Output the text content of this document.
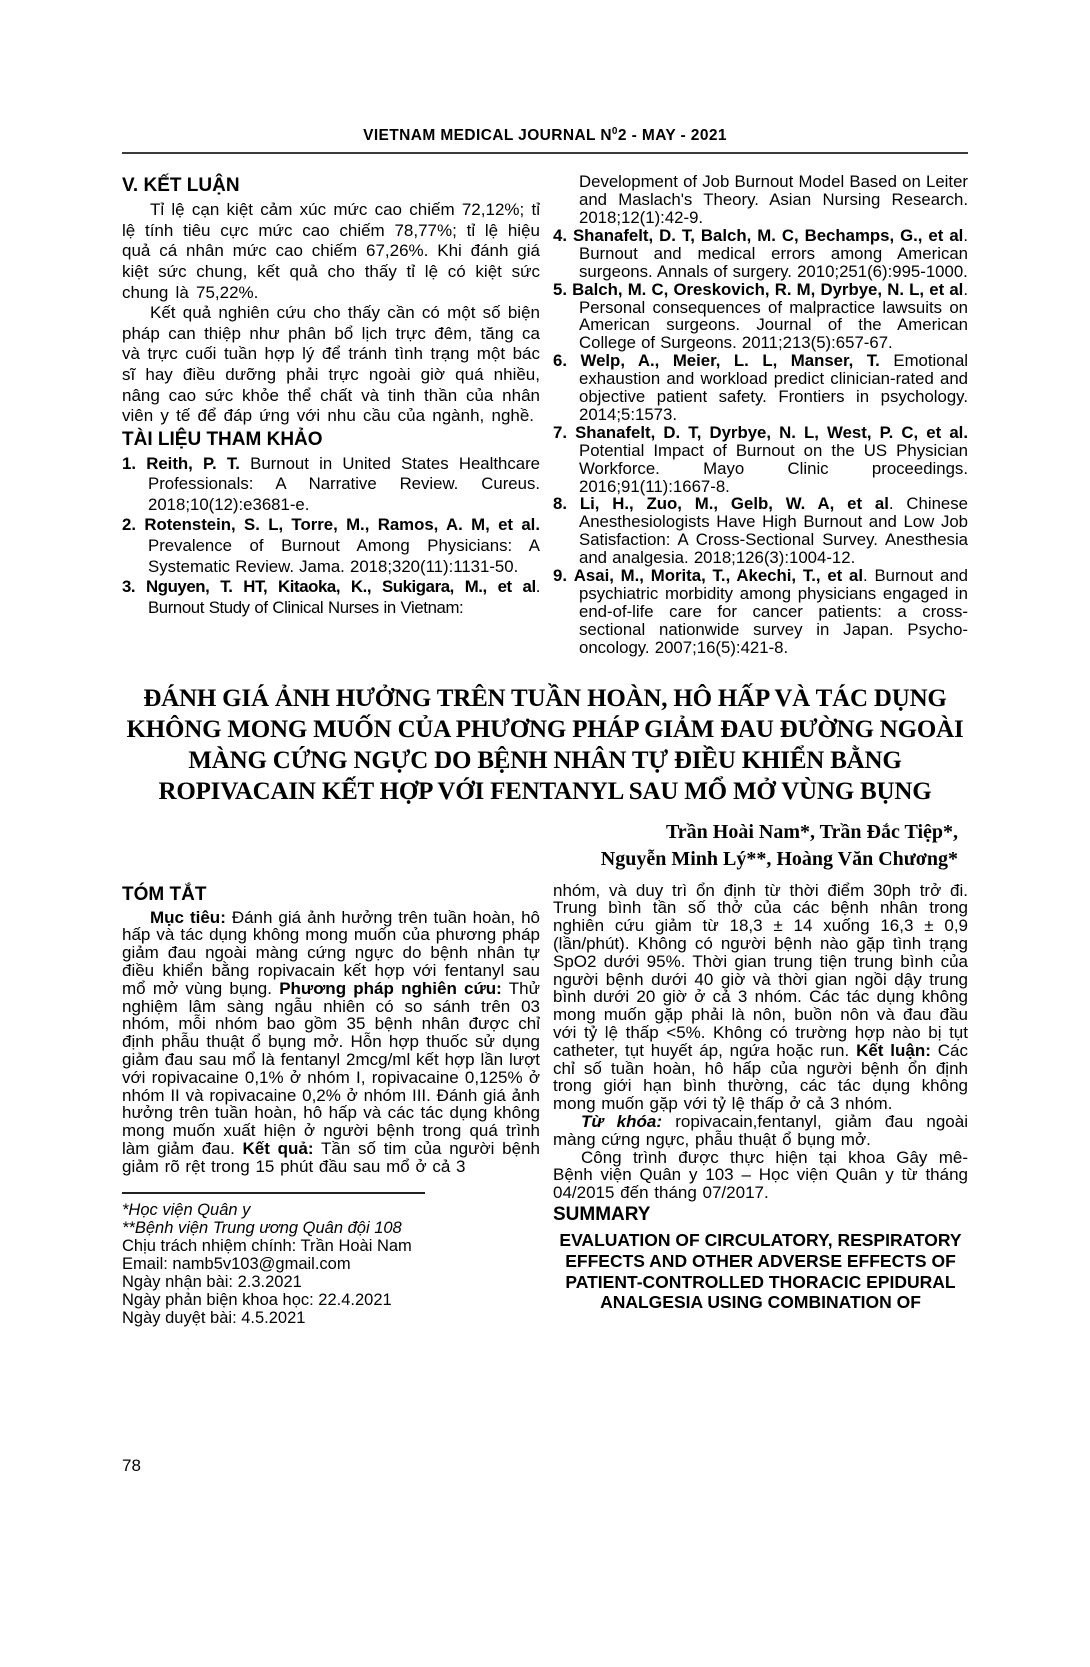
VIETNAM MEDICAL JOURNAL $N^02$ - MAY - 2021
V. KẾT LUẬN

Tỉ lệ cạn kiệt cảm xúc mức cao chiếm 72,12%; tỉ lệ tính tiêu cực mức cao chiếm 78,77%; tỉ lệ hiệu quả cá nhân mức cao chiếm 67,26%. Khi đánh giá kiệt sức chung, kết quả cho thấy tỉ lệ có kiệt sức chung là 75,22%.

Kết quả nghiên cứu cho thấy cần có một số biện pháp can thiệp như phân bổ lịch trực đêm, tăng ca và trực cuối tuần hợp lý để tránh tình trạng một bác sĩ hay điều dưỡng phải trực ngoài giờ quá nhiều, nâng cao sức khỏe thể chất và tinh thần của nhân viên y tế để đáp ứng với nhu cầu của ngành, nghề.

TÀI LIỆU THAM KHẢO
1. Reith, P. T. Burnout in United States Healthcare Professionals: A Narrative Review. Cureus. 2018;10(12):e3681-e.
2. Rotenstein, S. L, Torre, M., Ramos, A. M, et al. Prevalence of Burnout Among Physicians: A Systematic Review. Jama. 2018;320(11):1131-50.
3. Nguyen, T. HT, Kitaoka, K., Sukigara, M., et al. Burnout Study of Clinical Nurses in Vietnam:
Development of Job Burnout Model Based on Leiter and Maslach's Theory. Asian Nursing Research. 2018;12(1):42-9.
4. Shanafelt, D. T, Balch, M. C, Bechamps, G., et al. Burnout and medical errors among American surgeons. Annals of surgery. 2010;251(6):995-1000.
5. Balch, M. C, Oreskovich, R. M, Dyrbye, N. L, et al. Personal consequences of malpractice lawsuits on American surgeons. Journal of the American College of Surgeons. 2011;213(5):657-67.
6. Welp, A., Meier, L. L, Manser, T. Emotional exhaustion and workload predict clinician-rated and objective patient safety. Frontiers in psychology. 2014;5:1573.
7. Shanafelt, D. T, Dyrbye, N. L, West, P. C, et al. Potential Impact of Burnout on the US Physician Workforce. Mayo Clinic proceedings. 2016;91(11):1667-8.
8. Li, H., Zuo, M., Gelb, W. A, et al. Chinese Anesthesiologists Have High Burnout and Low Job Satisfaction: A Cross-Sectional Survey. Anesthesia and analgesia. 2018;126(3):1004-12.
9. Asai, M., Morita, T., Akechi, T., et al. Burnout and psychiatric morbidity among physicians engaged in end-of-life care for cancer patients: a cross-sectional nationwide survey in Japan. Psycho-oncology. 2007;16(5):421-8.
ĐÁNH GIÁ ẢNH HƯỞNG TRÊN TUẦN HOÀN, HÔ HẤP VÀ TÁC DỤNG
KHÔNG MONG MUỐN CỦA PHƯƠNG PHÁP GIẢM ĐAU ĐƯỜNG NGOÀI
MÀNG CỨNG NGỰC DO BỆNH NHÂN TỰ ĐIỀU KHIỂN BẰNG
ROPIVACAIN KẾT HỢP VỚI FENTANYL SAU MỔ MỞ VÙNG BỤNG
Trần Hoài Nam*, Trần Đắc Tiệp*,
Nguyễn Minh Lý**, Hoàng Văn Chương*
TÓM TẮT

Mục tiêu: Đánh giá ảnh hưởng trên tuần hoàn, hô hấp và tác dụng không mong muốn của phương pháp giảm đau ngoài màng cứng ngực do bệnh nhân tự điều khiển bằng ropivacain kết hợp với fentanyl sau mổ mở vùng bụng. Phương pháp nghiên cứu: Thử nghiệm lâm sàng ngẫu nhiên có so sánh trên 03 nhóm, mỗi nhóm bao gồm 35 bệnh nhân được chỉ định phẫu thuật ổ bụng mở. Hỗn hợp thuốc sử dụng giảm đau sau mổ là fentanyl 2mcg/ml kết hợp lần lượt với ropivacaine 0,1% ở nhóm I, ropivacaine 0,125% ở nhóm II và ropivacaine 0,2% ở nhóm III. Đánh giá ảnh hưởng trên tuần hoàn, hô hấp và các tác dụng không mong muốn xuất hiện ở người bệnh trong quá trình làm giảm đau. Kết quả: Tần số tim của người bệnh giảm rõ rệt trong 15 phút đầu sau mổ ở cả 3

*Học viện Quân y
**Bệnh viện Trung ương Quân đội 108
Chịu trách nhiệm chính: Trần Hoài Nam
Email: namb5v103@gmail.com
Ngày nhận bài: 2.3.2021
Ngày phản biện khoa học: 22.4.2021
Ngày duyệt bài: 4.5.2021

nhóm, và duy trì ổn định từ thời điểm 30ph trở đi. Trung bình tần số thở của các bệnh nhân trong nghiên cứu giảm từ 18,3 ± 14 xuống 16,3 ± 0,9 (lần/phút). Không có người bệnh nào gặp tình trạng SpO2 dưới 95%. Thời gian trung tiện trung bình của người bệnh dưới 40 giờ và thời gian ngồi dậy trung bình dưới 20 giờ ở cả 3 nhóm. Các tác dụng không mong muốn gặp phải là nôn, buồn nôn và đau đầu với tỷ lệ thấp <5%. Không có trường hợp nào bị tụt catheter, tụt huyết áp, ngứa hoặc run. Kết luận: Các chỉ số tuần hoàn, hô hấp của người bệnh ổn định trong giới hạn bình thường, các tác dụng không mong muốn gặp với tỷ lệ thấp ở cả 3 nhóm.

Từ khóa: ropivacain,fentanyl, giảm đau ngoài màng cứng ngực, phẫu thuật ổ bụng mở.

Công trình được thực hiện tại khoa Gây mê- Bệnh viện Quân y 103 – Học viện Quân y từ tháng 04/2015 đến tháng 07/2017.

SUMMARY
EVALUATION OF CIRCULATORY, RESPIRATORY
EFFECTS AND OTHER ADVERSE EFFECTS OF
PATIENT-CONTROLLED THORACIC EPIDURAL
ANALGESIA USING COMBINATION OF
78
